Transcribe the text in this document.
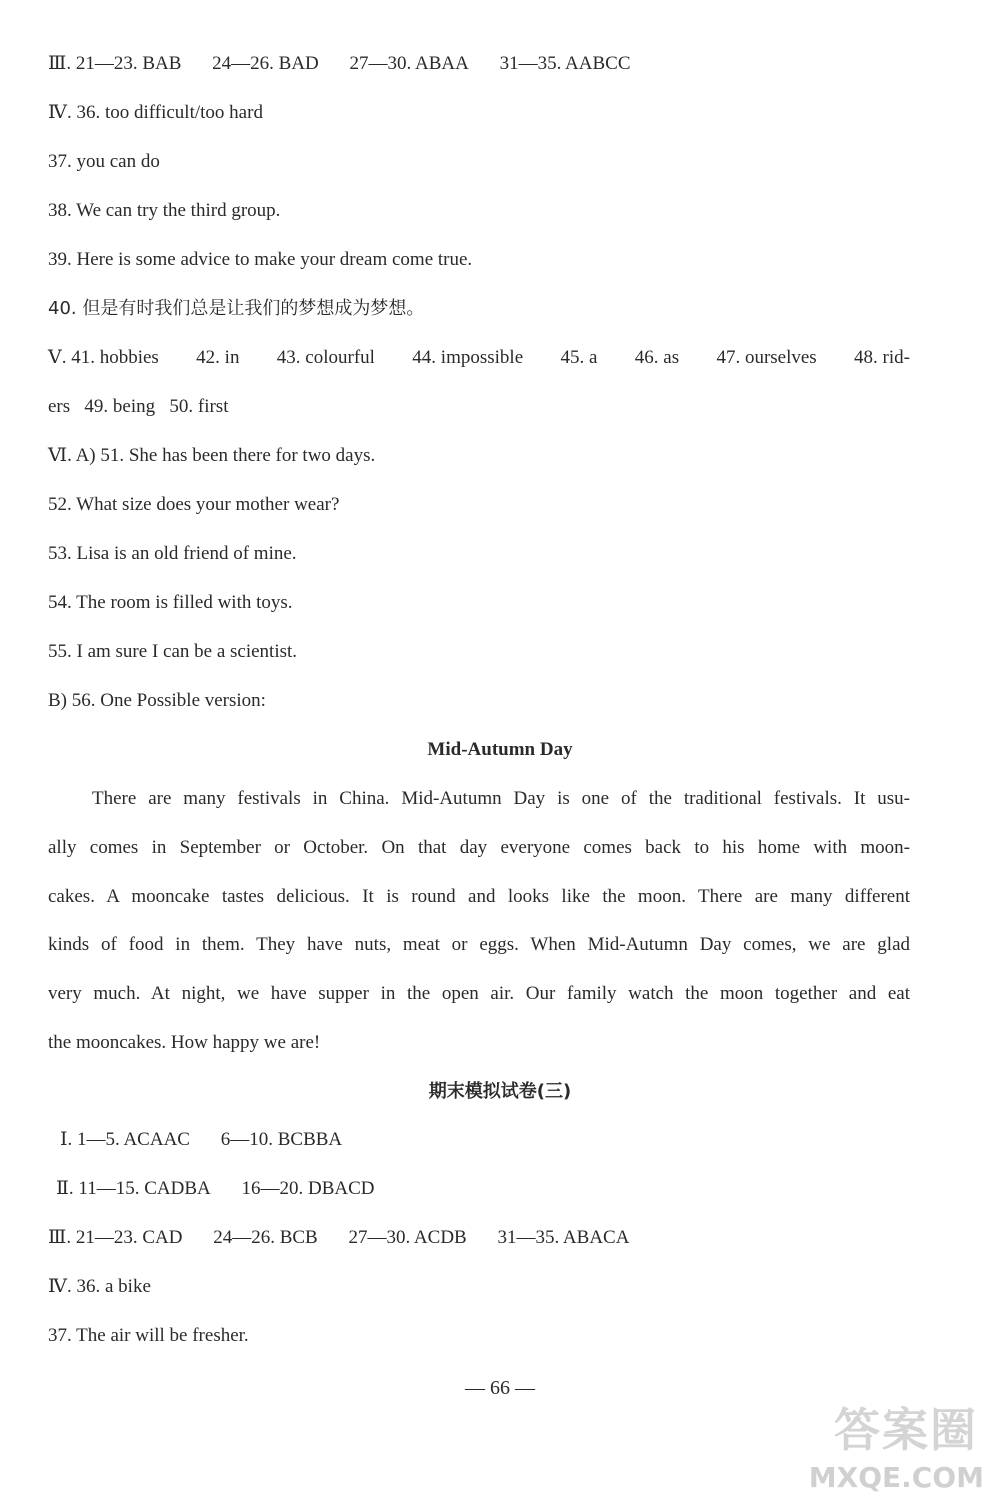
Ⅲ. 21—23. BAB 24—26. BAD 27—30. ABAA 31—35. AABCC
Ⅳ. 36. too difficult/too hard
37. you can do
38. We can try the third group.
39. Here is some advice to make your dream come true.
40. 但是有时我们总是让我们的梦想成为梦想。
Ⅴ. 41. hobbies 42. in 43. colourful 44. impossible 45. a 46. as 47. ourselves 48. rid-
ers   49. being   50. first
Ⅵ. A) 51. She has been there for two days.
52. What size does your mother wear?
53. Lisa is an old friend of mine.
54. The room is filled with toys.
55. I am sure I can be a scientist.
B) 56. One Possible version:
Mid-Autumn Day
There are many festivals in China. Mid-Autumn Day is one of the traditional festivals. It usu-
ally comes in September or October. On that day everyone comes back to his home with moon-
cakes. A mooncake tastes delicious. It is round and looks like the moon. There are many different
kinds of food in them. They have nuts, meat or eggs. When Mid-Autumn Day comes, we are glad
very much. At night, we have supper in the open air. Our family watch the moon together and eat
the mooncakes. How happy we are!
期末模拟试卷(三)
Ⅰ. 1—5. ACAAC 6—10. BCBBA
Ⅱ. 11—15. CADBA 16—20. DBACD
Ⅲ. 21—23. CAD 24—26. BCB 27—30. ACDB 31—35. ABACA
Ⅳ. 36. a bike
37. The air will be fresher.
— 66 —
答案圈
MXQE.COM
